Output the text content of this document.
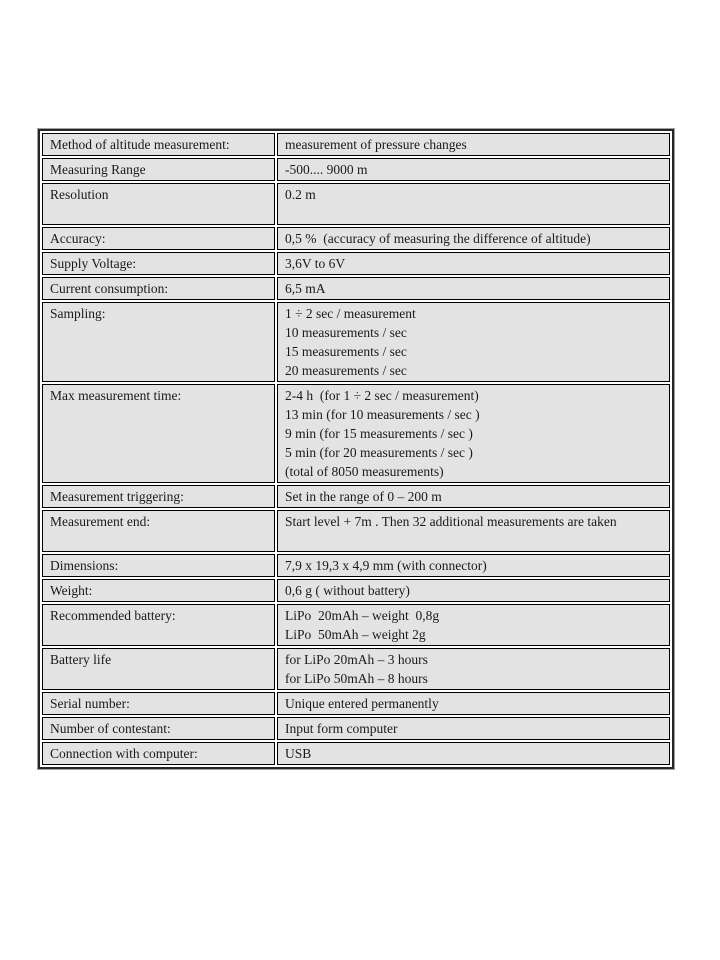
Method of altitude measurement:	measurement of pressure changes
Measuring Range	-500.... 9000 m
Resolution	0.2 m
Accuracy:	0,5 %  (accuracy of measuring the difference of altitude)
Supply Voltage:	3,6V to 6V
Current consumption:	6,5 mA
Sampling:	1 ÷ 2 sec / measurement
10 measurements / sec
15 measurements / sec
20 measurements / sec
Max measurement time:	2-4 h  (for 1 ÷ 2 sec / measurement)
13 min (for 10 measurements / sec )
9 min (for 15 measurements / sec )
5 min (for 20 measurements / sec )
(total of 8050 measurements)
Measurement triggering:	Set in the range of 0 – 200 m
Measurement end:	Start level + 7m . Then 32 additional measurements are taken
Dimensions:	7,9 x 19,3 x 4,9 mm (with connector)
Weight:	0,6 g ( without battery)
Recommended battery:	LiPo  20mAh – weight  0,8g
LiPo  50mAh – weight 2g
Battery life	for LiPo 20mAh – 3 hours
for LiPo 50mAh – 8 hours
Serial number:	Unique entered permanently
Number of contestant:	Input form computer
Connection with computer:	USB
